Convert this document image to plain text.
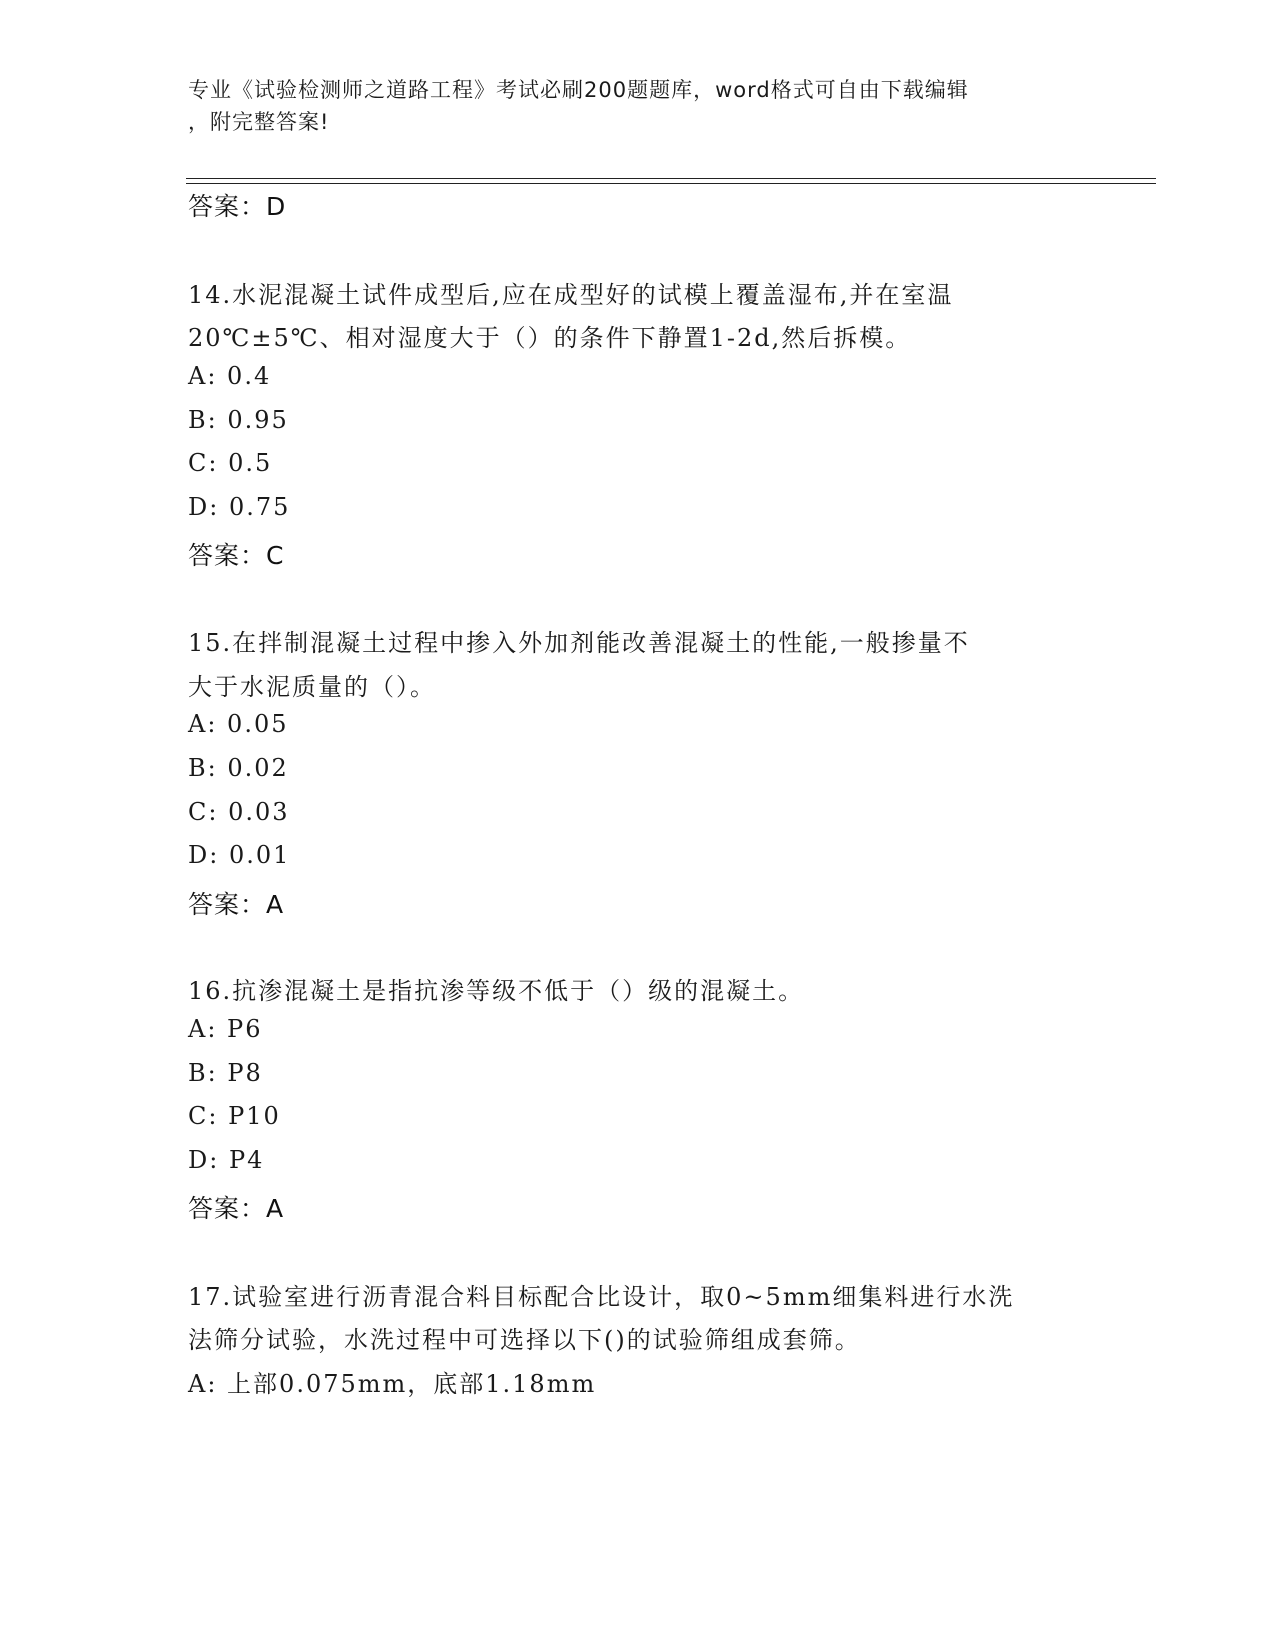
专业《试验检测师之道路工程》考试必刷200题题库，word格式可自由下载编辑
，附完整答案!
答案：D
14.水泥混凝土试件成型后,应在成型好的试模上覆盖湿布,并在室温
20℃±5℃、相对湿度大于（）的条件下静置1-2d,然后拆模。
A: 0.4
B: 0.95
C: 0.5
D: 0.75
答案：C
15.在拌制混凝土过程中掺入外加剂能改善混凝土的性能,一般掺量不
大于水泥质量的（）。
A: 0.05
B: 0.02
C: 0.03
D: 0.01
答案：A
16.抗渗混凝土是指抗渗等级不低于（）级的混凝土。
A: P6
B: P8
C: P10
D: P4
答案：A
17.试验室进行沥青混合料目标配合比设计，取0~5mm细集料进行水洗
法筛分试验，水洗过程中可选择以下()的试验筛组成套筛。
A: 上部0.075mm，底部1.18mm
